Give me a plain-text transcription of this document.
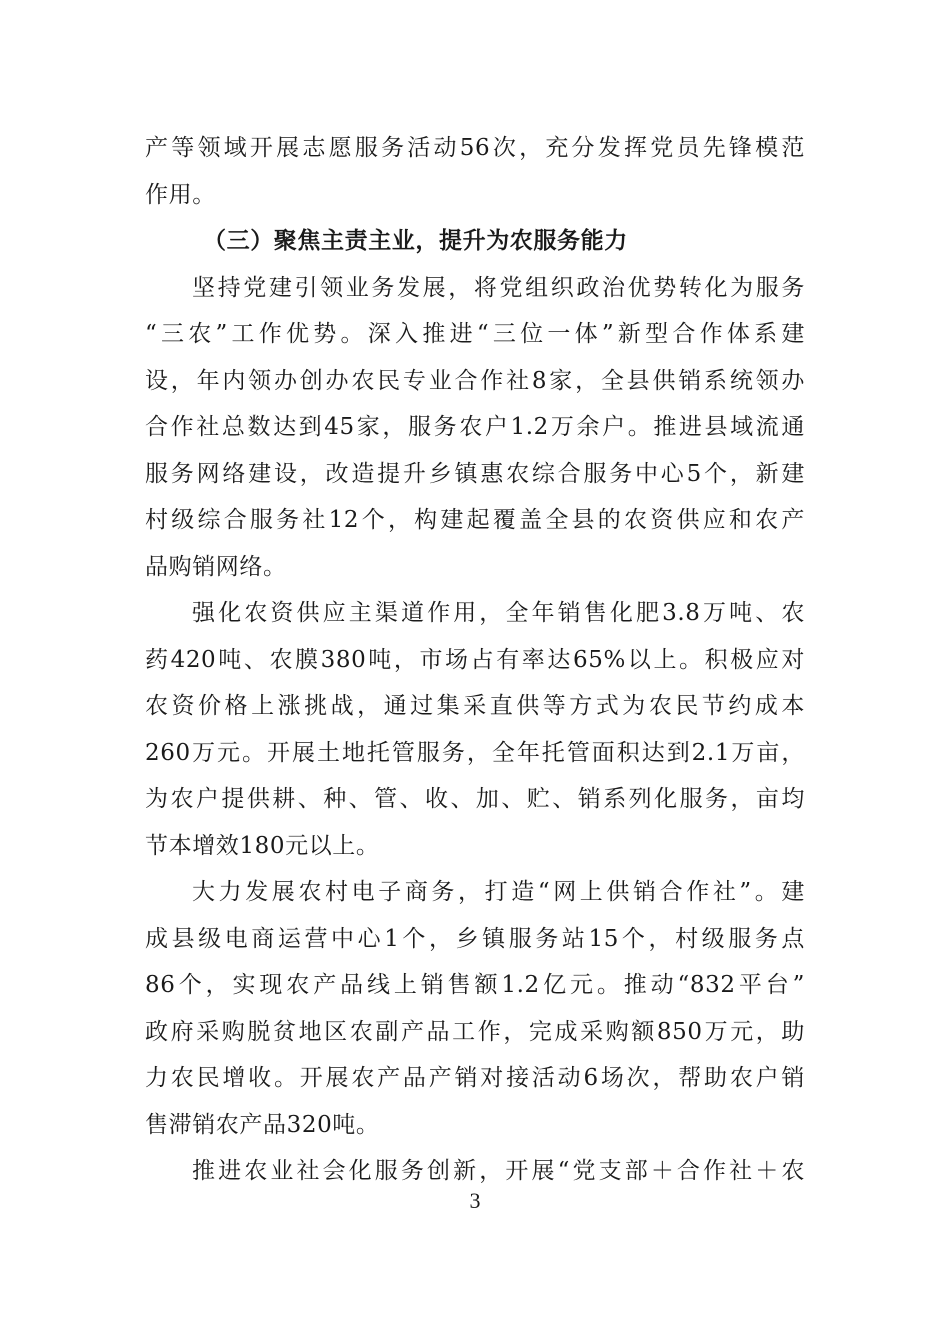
产等领域开展志愿服务活动56次，充分发挥党员先锋模范
作用。
（三）聚焦主责主业，提升为农服务能力
坚持党建引领业务发展，将党组织政治优势转化为服务
“三农”工作优势。深入推进“三位一体”新型合作体系建
设，年内领办创办农民专业合作社8家，全县供销系统领办
合作社总数达到45家，服务农户1.2万余户。推进县域流通
服务网络建设，改造提升乡镇惠农综合服务中心5个，新建
村级综合服务社12个，构建起覆盖全县的农资供应和农产
品购销网络。
强化农资供应主渠道作用，全年销售化肥3.8万吨、农
药420吨、农膜380吨，市场占有率达65%以上。积极应对
农资价格上涨挑战，通过集采直供等方式为农民节约成本
260万元。开展土地托管服务，全年托管面积达到2.1万亩，
为农户提供耕、种、管、收、加、贮、销系列化服务，亩均
节本增效180元以上。
大力发展农村电子商务，打造“网上供销合作社”。建
成县级电商运营中心1个，乡镇服务站15个，村级服务点
86个，实现农产品线上销售额1.2亿元。推动“832平台”
政府采购脱贫地区农副产品工作，完成采购额850万元，助
力农民增收。开展农产品产销对接活动6场次，帮助农户销
售滞销农产品320吨。
推进农业社会化服务创新，开展“党支部＋合作社＋农
3
